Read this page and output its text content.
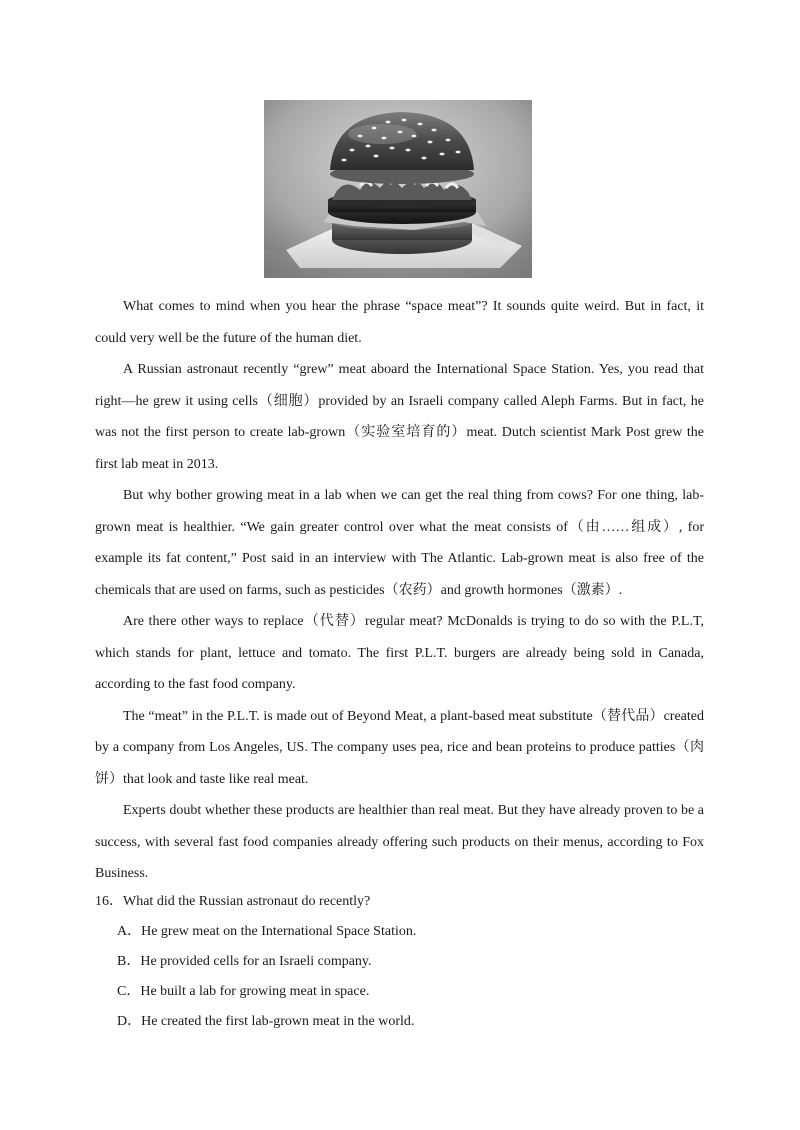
What comes to mind when you hear the phrase “space meat”? It sounds quite weird. But in fact, it could very well be the future of the human diet.

A Russian astronaut recently “grew” meat aboard the International Space Station. Yes, you read that right—he grew it using cells（细胞）provided by an Israeli company called Aleph Farms. But in fact, he was not the first person to create lab-grown（实验室培育的）meat. Dutch scientist Mark Post grew the first lab meat in 2013.

But why bother growing meat in a lab when we can get the real thing from cows? For one thing, lab-grown meat is healthier. “We gain greater control over what the meat consists of（由……组成）, for example its fat content,” Post said in an interview with The Atlantic. Lab-grown meat is also free of the chemicals that are used on farms, such as pesticides（农药）and growth hormones（激素）.

Are there other ways to replace（代替）regular meat? McDonalds is trying to do so with the P.L.T, which stands for plant, lettuce and tomato. The first P.L.T. burgers are already being sold in Canada, according to the fast food company.

The “meat” in the P.L.T. is made out of Beyond Meat, a plant-based meat substitute（替代品）created by a company from Los Angeles, US. The company uses pea, rice and bean proteins to produce patties（肉饼）that look and taste like real meat.

Experts doubt whether these products are healthier than real meat. But they have already proven to be a success, with several fast food companies already offering such products on their menus, according to Fox Business.

16．What did the Russian astronaut do recently?

A．He grew meat on the International Space Station.

B．He provided cells for an Israeli company.

C．He built a lab for growing meat in space.

D．He created the first lab-grown meat in the world.
